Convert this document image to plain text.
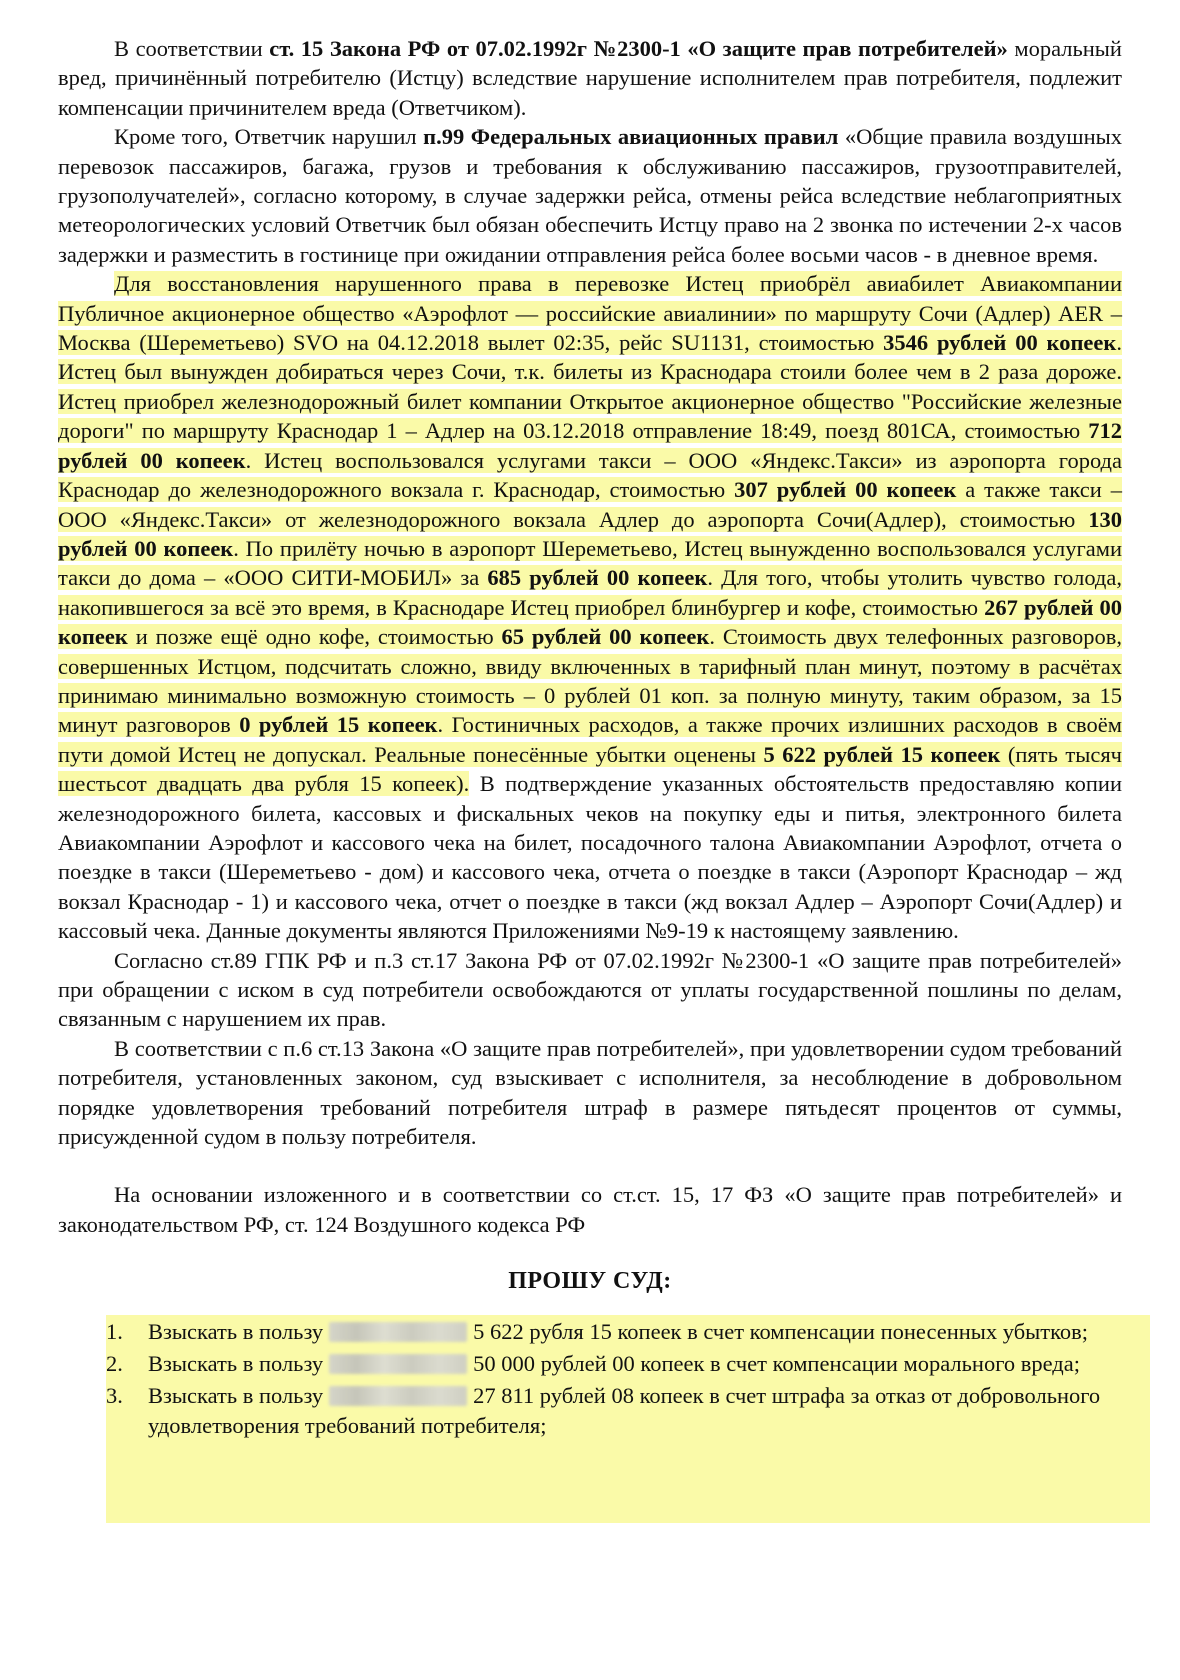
В соответствии ст. 15 Закона РФ от 07.02.1992г №2300-1 «О защите прав потребителей» моральный вред, причинённый потребителю (Истцу) вследствие нарушение исполнителем прав потребителя, подлежит компенсации причинителем вреда (Ответчиком).

Кроме того, Ответчик нарушил п.99 Федеральных авиационных правил «Общие правила воздушных перевозок пассажиров, багажа, грузов и требования к обслуживанию пассажиров, грузоотправителей, грузополучателей», согласно которому, в случае задержки рейса, отмены рейса вследствие неблагоприятных метеорологических условий Ответчик был обязан обеспечить Истцу право на 2 звонка по истечении 2-х часов задержки и разместить в гостинице при ожидании отправления рейса более восьми часов - в дневное время.

Для восстановления нарушенного права в перевозке Истец приобрёл авиабилет Авиакомпании Публичное акционерное общество «Аэрофлот — российские авиалинии» по маршруту Сочи (Адлер) AER – Москва (Шереметьево) SVO на 04.12.2018 вылет 02:35, рейс SU1131, стоимостью 3546 рублей 00 копеек. Истец был вынужден добираться через Сочи, т.к. билеты из Краснодара стоили более чем в 2 раза дороже. Истец приобрел железнодорожный билет компании Открытое акционерное общество "Российские железные дороги" по маршруту Краснодар 1 – Адлер на 03.12.2018 отправление 18:49, поезд 801СА, стоимостью 712 рублей 00 копеек. Истец воспользовался услугами такси – ООО «Яндекс.Такси» из аэропорта города Краснодар до железнодорожного вокзала г. Краснодар, стоимостью 307 рублей 00 копеек а также такси – ООО «Яндекс.Такси» от железнодорожного вокзала Адлер до аэропорта Сочи(Адлер), стоимостью 130 рублей 00 копеек. По прилёту ночью в аэропорт Шереметьево, Истец вынужденно воспользовался услугами такси до дома – «ООО СИТИ-МОБИЛ» за 685 рублей 00 копеек. Для того, чтобы утолить чувство голода, накопившегося за всё это время, в Краснодаре Истец приобрел блинбургер и кофе, стоимостью 267 рублей 00 копеек и позже ещё одно кофе, стоимостью 65 рублей 00 копеек. Стоимость двух телефонных разговоров, совершенных Истцом, подсчитать сложно, ввиду включенных в тарифный план минут, поэтому в расчётах принимаю минимально возможную стоимость – 0 рублей 01 коп. за полную минуту, таким образом, за 15 минут разговоров 0 рублей 15 копеек. Гостиничных расходов, а также прочих излишних расходов в своём пути домой Истец не допускал. Реальные понесённые убытки оценены 5 622 рублей 15 копеек (пять тысяч шестьсот двадцать два рубля 15 копеек). В подтверждение указанных обстоятельств предоставляю копии железнодорожного билета, кассовых и фискальных чеков на покупку еды и питья, электронного билета Авиакомпании Аэрофлот и кассового чека на билет, посадочного талона Авиакомпании Аэрофлот, отчета о поездке в такси (Шереметьево - дом) и кассового чека, отчета о поездке в такси (Аэропорт Краснодар – жд вокзал Краснодар - 1) и кассового чека, отчет о поездке в такси (жд вокзал Адлер – Аэропорт Сочи(Адлер) и кассовый чека. Данные документы являются Приложениями №9-19 к настоящему заявлению.

Согласно ст.89 ГПК РФ и п.3 ст.17 Закона РФ от 07.02.1992г №2300-1 «О защите прав потребителей» при обращении с иском в суд потребители освобождаются от уплаты государственной пошлины по делам, связанным с нарушением их прав.

В соответствии с п.6 ст.13 Закона «О защите прав потребителей», при удовлетворении судом требований потребителя, установленных законом, суд взыскивает с исполнителя, за несоблюдение в добровольном порядке удовлетворения требований потребителя штраф в размере пятьдесят процентов от суммы, присужденной судом в пользу потребителя.

На основании изложенного и в соответствии со ст.ст. 15, 17 ФЗ «О защите прав потребителей» и законодательством РФ, ст. 124 Воздушного кодекса РФ

ПРОШУ СУД:
1. Взыскать в пользу	5 622 рубля 15 копеек в счет компенсации понесенных убытков;
2. Взыскать в пользу	50 000 рублей 00 копеек в счет компенсации морального вреда;
3. Взыскать в пользу	27 811 рублей 08 копеек в счет штрафа за отказ от добровольного удовлетворения требований потребителя;
